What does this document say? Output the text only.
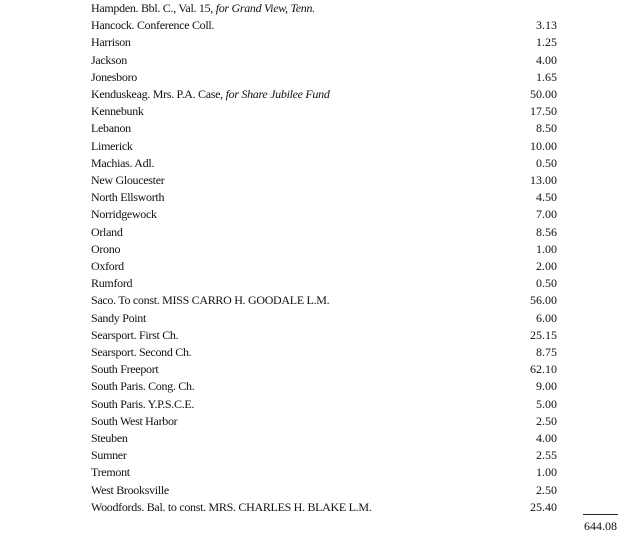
Hampden. Bbl. C., Val. 15, for Grand View, Tenn.
Hancock. Conference Coll.	3.13
Harrison	1.25
Jackson	4.00
Jonesboro	1.65
Kenduskeag. Mrs. P.A. Case, for Share Jubilee Fund	50.00
Kennebunk	17.50
Lebanon	8.50
Limerick	10.00
Machias. Adl.	0.50
New Gloucester	13.00
North Ellsworth	4.50
Norridgewock	7.00
Orland	8.56
Orono	1.00
Oxford	2.00
Rumford	0.50
Saco. To const. MISS CARRO H. GOODALE L.M.	56.00
Sandy Point	6.00
Searsport. First Ch.	25.15
Searsport. Second Ch.	8.75
South Freeport	62.10
South Paris. Cong. Ch.	9.00
South Paris. Y.P.S.C.E.	5.00
South West Harbor	2.50
Steuben	4.00
Sumner	2.55
Tremont	1.00
West Brooksville	2.50
Woodfords. Bal. to const. MRS. CHARLES H. BLAKE L.M.	25.40
644.08
